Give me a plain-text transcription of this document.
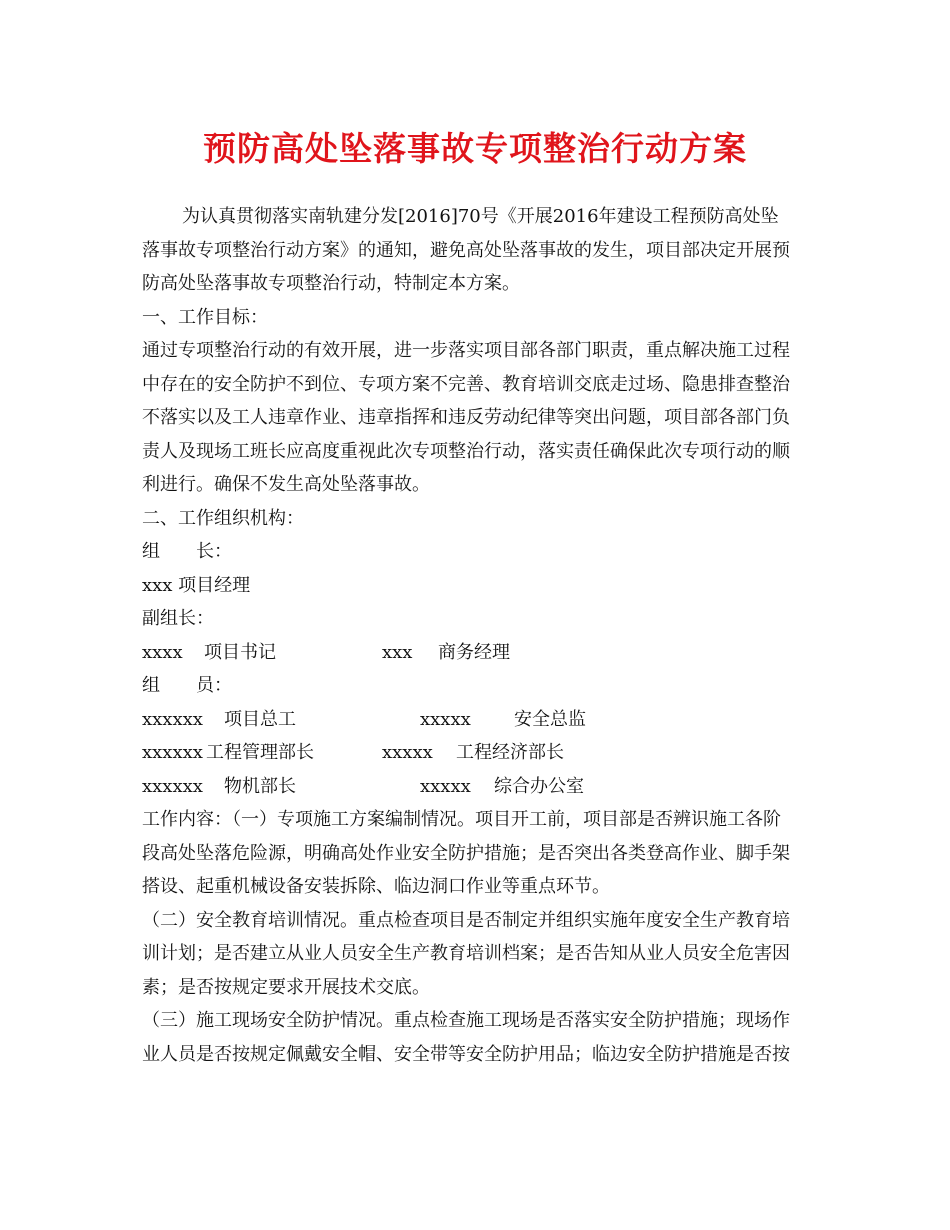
预防高处坠落事故专项整治行动方案

为认真贯彻落实南轨建分发[2016]70号《开展2016年建设工程预防高处坠

落事故专项整治行动方案》的通知，避免高处坠落事故的发生，项目部决定开展预

防高处坠落事故专项整治行动，特制定本方案。

一、工作目标：

通过专项整治行动的有效开展，进一步落实项目部各部门职责，重点解决施工过程

中存在的安全防护不到位、专项方案不完善、教育培训交底走过场、隐患排查整治

不落实以及工人违章作业、违章指挥和违反劳动纪律等突出问题，项目部各部门负

责人及现场工班长应高度重视此次专项整治行动，落实责任确保此次专项行动的顺

利进行。确保不发生高处坠落事故。

二、工作组织机构：

组　　长：

xxx 项目经理

副组长：

xxxx	项目书记	xxx	商务经理

组　　员：

xxxxxx	项目总工	xxxxx	安全总监
xxxxxx 工程管理部长	xxxxx	工程经济部长
xxxxxx	物机部长	xxxxx	综合办公室

工作内容：（一）专项施工方案编制情况。项目开工前，项目部是否辨识施工各阶

段高处坠落危险源，明确高处作业安全防护措施；是否突出各类登高作业、脚手架

搭设、起重机械设备安装拆除、临边洞口作业等重点环节。

（二）安全教育培训情况。重点检查项目是否制定并组织实施年度安全生产教育培

训计划；是否建立从业人员安全生产教育培训档案；是否告知从业人员安全危害因

素；是否按规定要求开展技术交底。

（三）施工现场安全防护情况。重点检查施工现场是否落实安全防护措施；现场作

业人员是否按规定佩戴安全帽、安全带等安全防护用品；临边安全防护措施是否按
